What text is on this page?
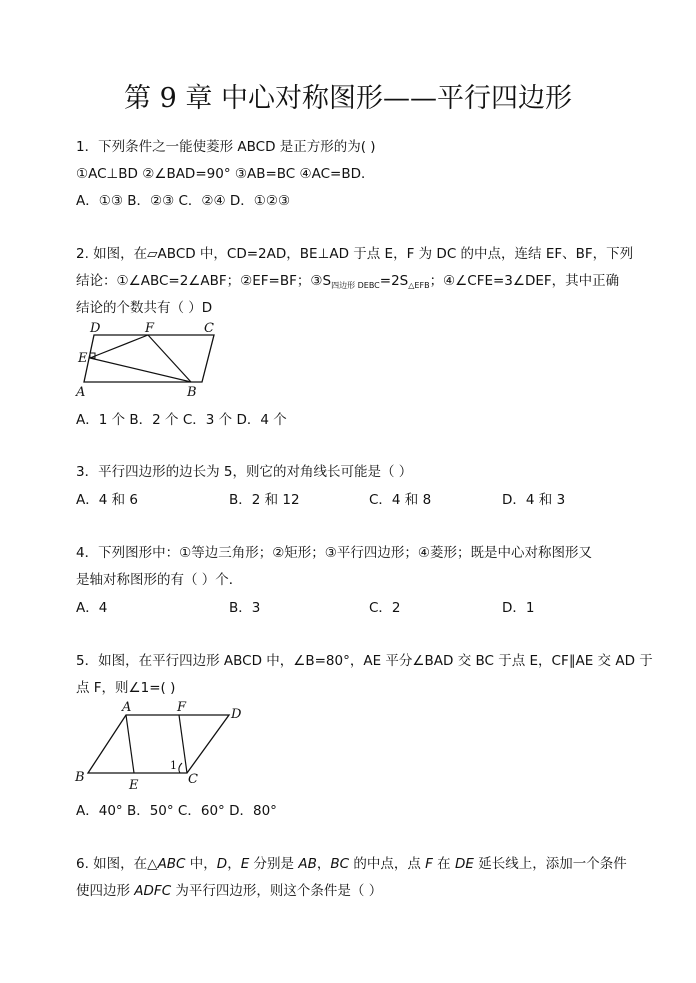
第 9 章 中心对称图形——平行四边形
1．下列条件之一能使菱形 ABCD 是正方形的为( )
①AC⊥BD ②∠BAD=90° ③AB=BC ④AC=BD．
A．①③ B．②③ C．②④ D．①②③
2. 如图，在▱ABCD 中，CD=2AD，BE⊥AD 于点 E，F 为 DC 的中点，连结 EF、BF，下列
结论：①∠ABC=2∠ABF；②EF=BF；$③S_{四边形 DEBC}=2S_{\triangle EFB}$；④∠CFE=3∠DEF，其中正确
结论的个数共有（ ）D
D	F	C
E
A	B
A．1 个 B．2 个 C．3 个 D．4 个
3．平行四边形的边长为 5，则它的对角线长可能是（ ）
A．4 和 6	B．2 和 12	C．4 和 8	D．4 和 3
4．下列图形中：①等边三角形；②矩形；③平行四边形；④菱形；既是中心对称图形又
是轴对称图形的有（ ）个．
A．4	B．3	C．2	D．1
5．如图，在平行四边形 ABCD 中，∠B=80°，AE 平分∠BAD 交 BC 于点 E，CF∥AE 交 AD 于
点 F，则∠1=( )
A	F	D
B
E	C
1
A．40° B．50° C．60° D．80°
6. 如图，在△ABC 中，D，E 分别是 AB，BC 的中点，点 F 在 DE 延长线上，添加一个条件
使四边形 ADFC 为平行四边形，则这个条件是（ ）
